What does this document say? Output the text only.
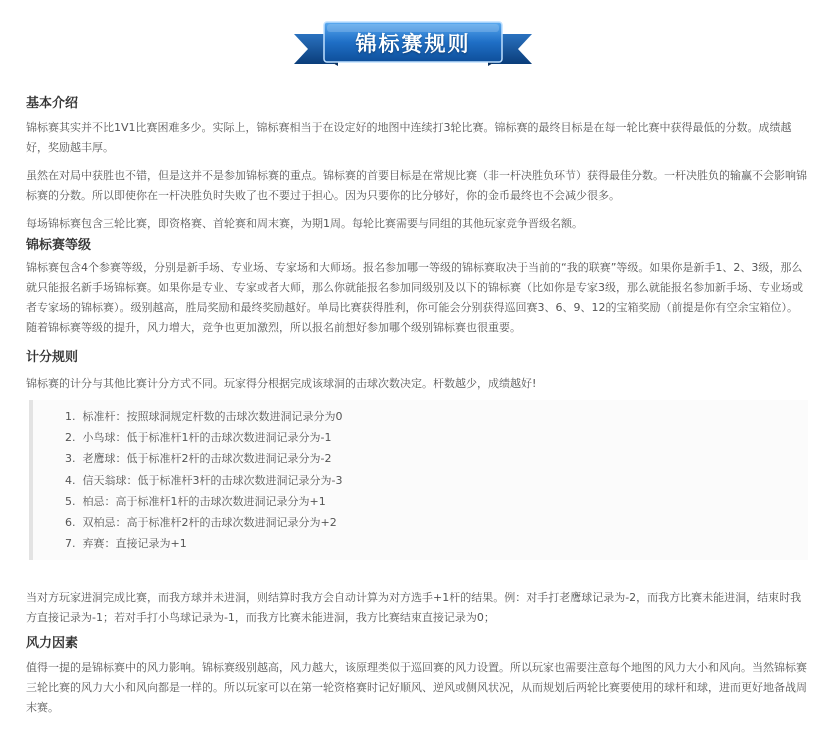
锦标赛规则
基本介绍

锦标赛其实并不比1V1比赛困难多少。实际上，锦标赛相当于在设定好的地图中连续打3轮比赛。锦标赛的最终目标是在每一轮比赛中获得最低的分数。成绩越好，奖励越丰厚。

虽然在对局中获胜也不错，但是这并不是参加锦标赛的重点。锦标赛的首要目标是在常规比赛（非一杆决胜负环节）获得最佳分数。一杆决胜负的输赢不会影响锦标赛的分数。所以即使你在一杆决胜负时失败了也不要过于担心。因为只要你的比分够好，你的金币最终也不会减少很多。

每场锦标赛包含三轮比赛，即资格赛、首轮赛和周末赛，为期1周。每轮比赛需要与同组的其他玩家竞争晋级名额。

锦标赛等级

锦标赛包含4个参赛等级，分别是新手场、专业场、专家场和大师场。报名参加哪一等级的锦标赛取决于当前的“我的联赛”等级。如果你是新手1、2、3级，那么就只能报名新手场锦标赛。如果你是专业、专家或者大师，那么你就能报名参加同级别及以下的锦标赛（比如你是专家3级，那么就能报名参加新手场、专业场或者专家场的锦标赛）。级别越高，胜局奖励和最终奖励越好。单局比赛获得胜利，你可能会分别获得巡回赛3、6、9、12的宝箱奖励（前提是你有空余宝箱位）。随着锦标赛等级的提升，风力增大，竞争也更加激烈，所以报名前想好参加哪个级别锦标赛也很重要。

计分规则

锦标赛的计分与其他比赛计分方式不同。玩家得分根据完成该球洞的击球次数决定。杆数越少，成绩越好!

1. 标准杆：按照球洞规定杆数的击球次数进洞记录分为0
2. 小鸟球：低于标准杆1杆的击球次数进洞记录分为-1
3. 老鹰球：低于标准杆2杆的击球次数进洞记录分为-2
4. 信天翁球：低于标准杆3杆的击球次数进洞记录分为-3
5. 柏忌：高于标准杆1杆的击球次数进洞记录分为+1
6. 双柏忌：高于标准杆2杆的击球次数进洞记录分为+2
7. 弃赛：直接记录为+1

当对方玩家进洞完成比赛，而我方球并未进洞，则结算时我方会自动计算为对方选手+1杆的结果。例：对手打老鹰球记录为-2，而我方比赛未能进洞，结束时我方直接记录为-1；若对手打小鸟球记录为-1，而我方比赛未能进洞，我方比赛结束直接记录为0；

风力因素

值得一提的是锦标赛中的风力影响。锦标赛级别越高，风力越大，该原理类似于巡回赛的风力设置。所以玩家也需要注意每个地图的风力大小和风向。当然锦标赛三轮比赛的风力大小和风向都是一样的。所以玩家可以在第一轮资格赛时记好顺风、逆风或侧风状况，从而规划后两轮比赛要使用的球杆和球，进而更好地备战周末赛。
